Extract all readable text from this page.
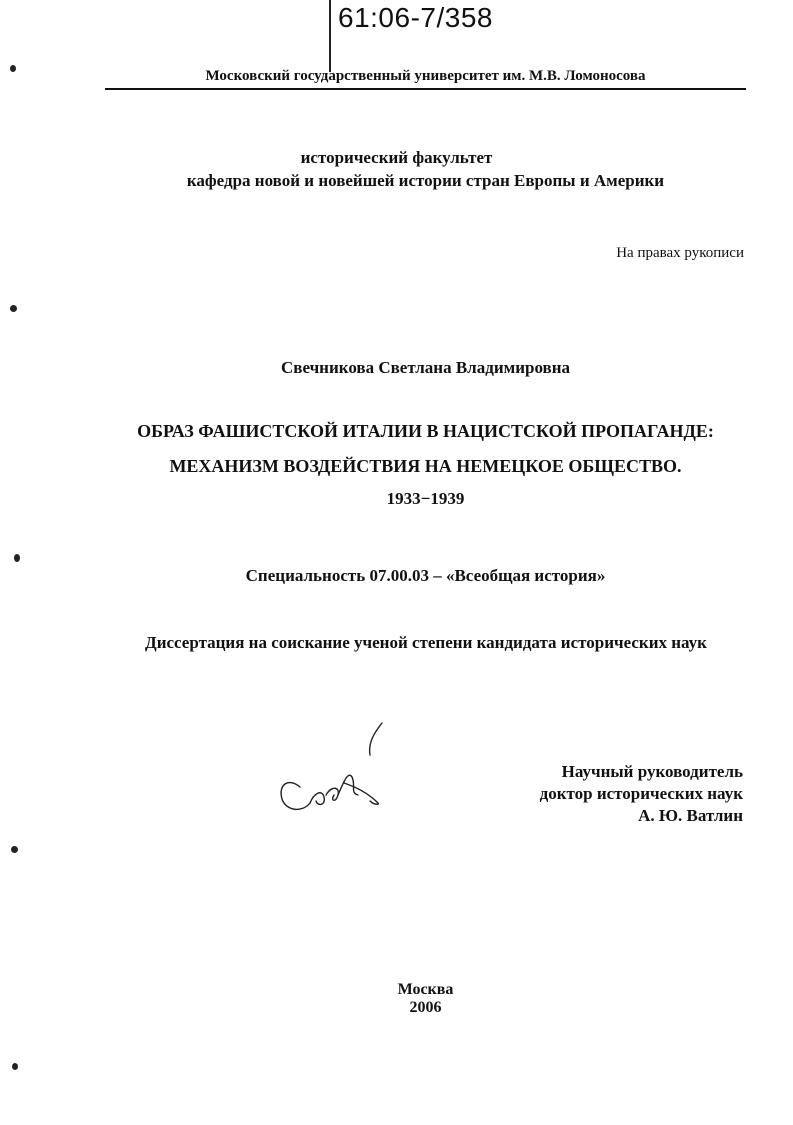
61:06-7/358
Московский государственный университет им. М.В. Ломоносова
исторический факультет
кафедра новой и новейшей истории стран Европы и Америки
На правах рукописи
Свечникова Светлана Владимировна
ОБРАЗ ФАШИСТСКОЙ ИТАЛИИ В НАЦИСТСКОЙ ПРОПАГАНДЕ:
МЕХАНИЗМ ВОЗДЕЙСТВИЯ НА НЕМЕЦКОЕ ОБЩЕСТВО.
1933−1939
Специальность 07.00.03 – «Всеобщая история»
Диссертация на соискание ученой степени кандидата исторических наук
Научный руководитель
доктор исторических наук
А. Ю. Ватлин
Москва
2006
